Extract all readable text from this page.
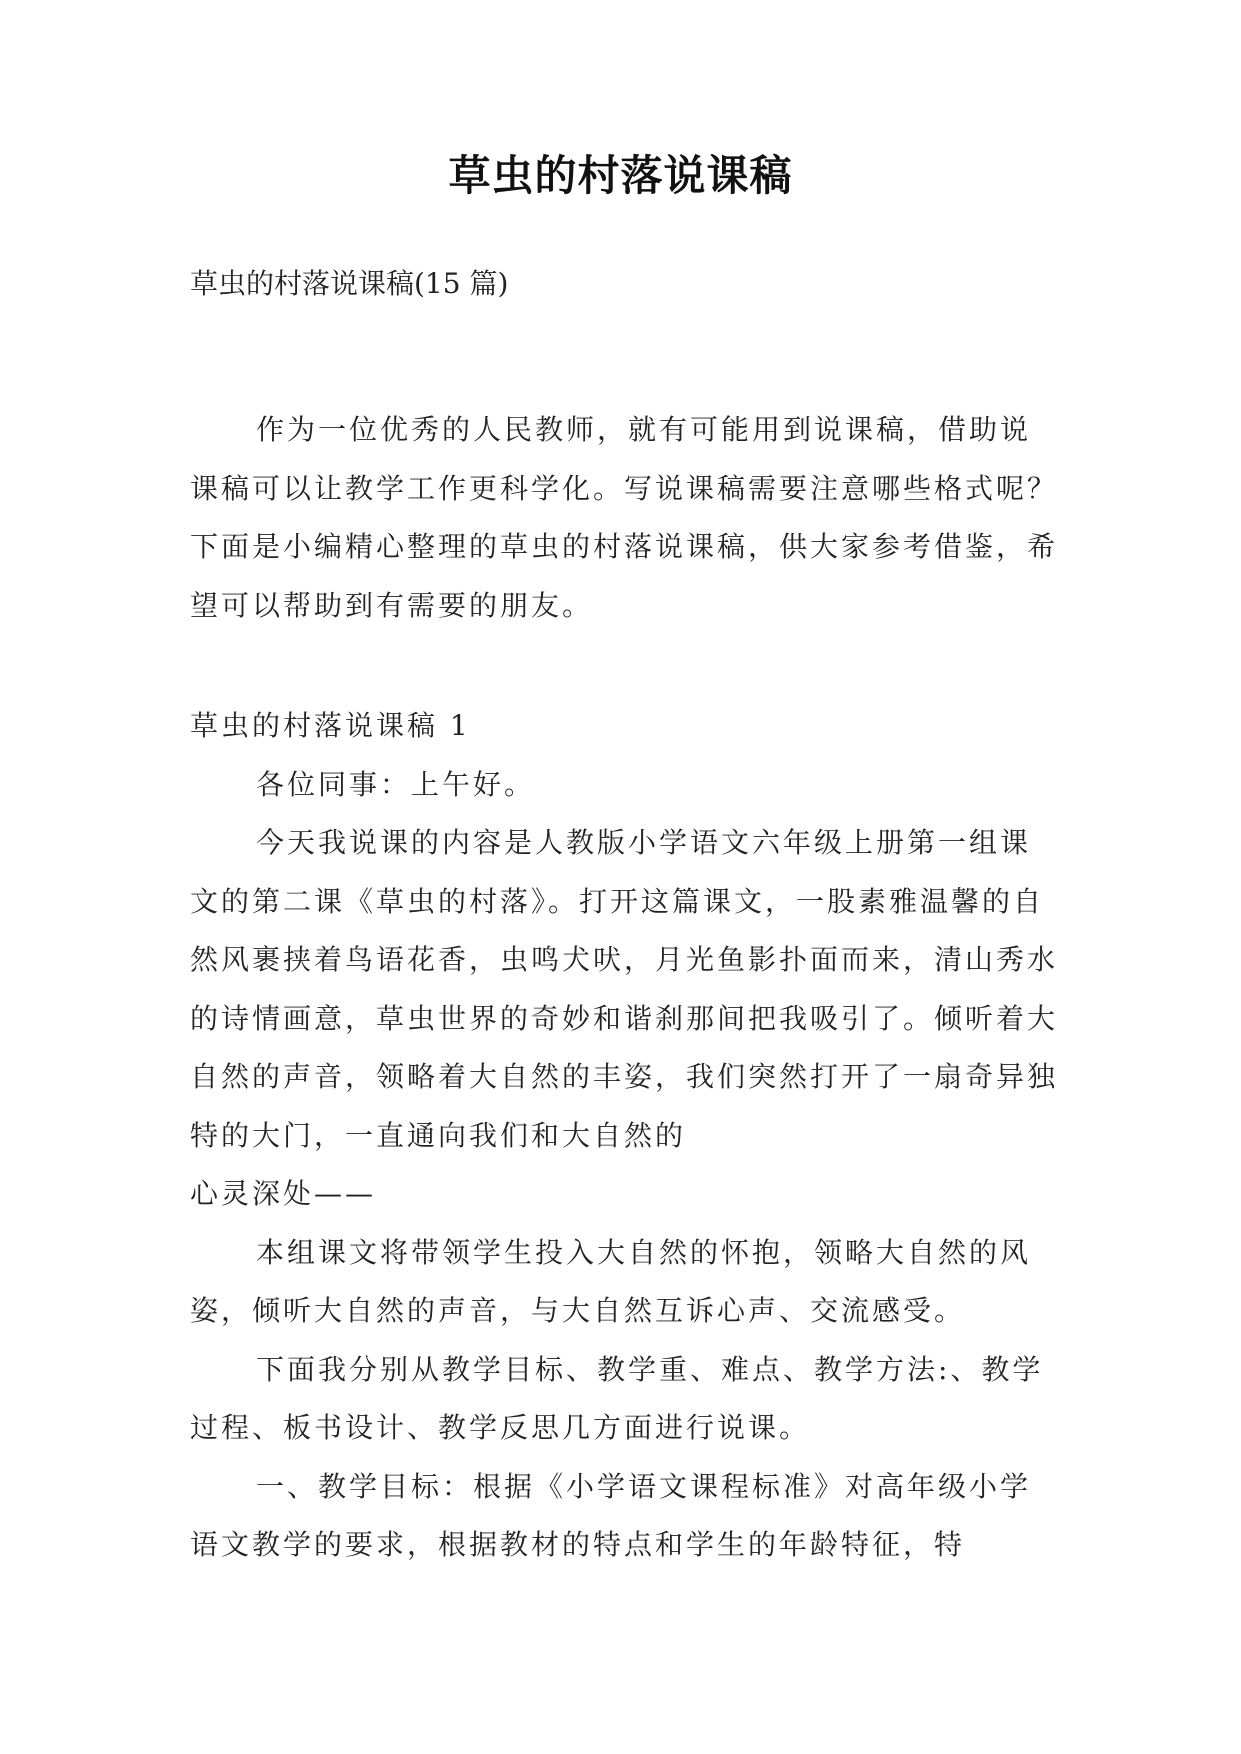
草虫的村落说课稿
草虫的村落说课稿(15 篇)

作为一位优秀的人民教师，就有可能用到说课稿，借助说课稿可以让教学工作更科学化。写说课稿需要注意哪些格式呢？下面是小编精心整理的草虫的村落说课稿，供大家参考借鉴，希望可以帮助到有需要的朋友。

草虫的村落说课稿 1

各位同事：上午好。

今天我说课的内容是人教版小学语文六年级上册第一组课文的第二课《草虫的村落》。打开这篇课文，一股素雅温馨的自然风裹挟着鸟语花香，虫鸣犬吠，月光鱼影扑面而来，清山秀水的诗情画意，草虫世界的奇妙和谐刹那间把我吸引了。倾听着大自然的声音，领略着大自然的丰姿，我们突然打开了一扇奇异独特的大门，一直通向我们和大自然的

心灵深处——

本组课文将带领学生投入大自然的怀抱，领略大自然的风姿，倾听大自然的声音，与大自然互诉心声、交流感受。

下面我分别从教学目标、教学重、难点、教学方法:、教学过程、板书设计、教学反思几方面进行说课。

一、教学目标：根据《小学语文课程标准》对高年级小学语文教学的要求，根据教材的特点和学生的年龄特征，特
